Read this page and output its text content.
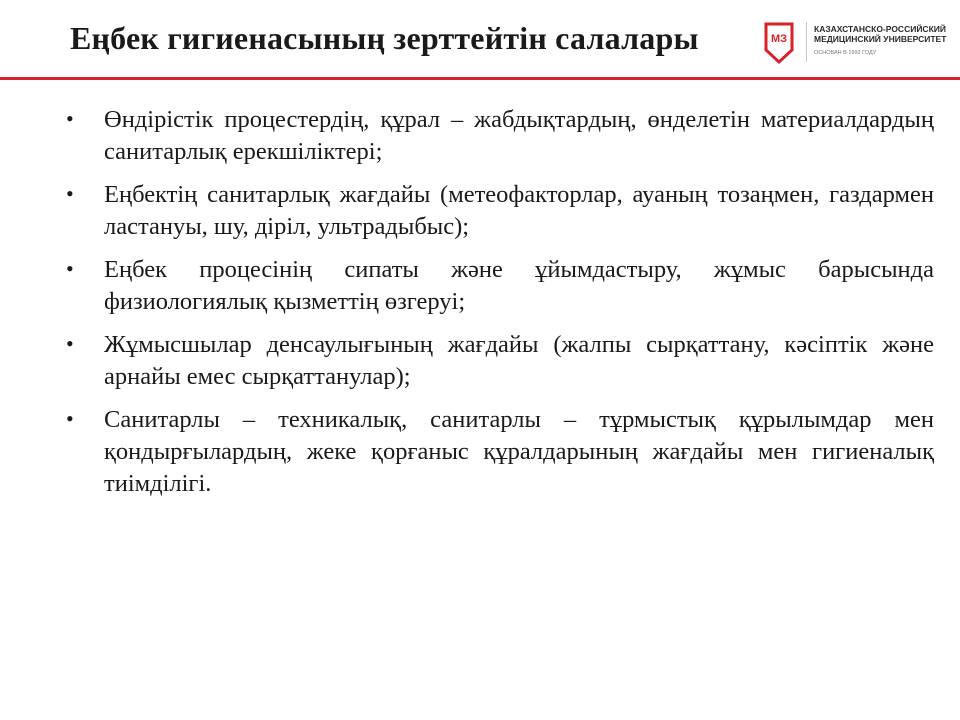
Еңбек гигиенасының зерттейтін салалары	МЗ
КАЗАХСТАНСКО-РОССИЙСКИЙ
МЕДИЦИНСКИЙ УНИВЕРСИТЕТ
ОСНОВАН В 1992 ГОДУ
• Өндірістік процестердің, құрал – жабдықтардың, өнделетін материалдардың санитарлық ерекшіліктері;
• Еңбектің санитарлық жағдайы (метеофакторлар, ауаның тозаңмен, газдармен ластануы, шу, діріл, ультрадыбыс);
• Еңбек процесінің сипаты және ұйымдастыру, жұмыс барысында физиологиялық қызметтің өзгеруі;
• Жұмысшылар денсаулығының жағдайы (жалпы сырқаттану, кәсіптік және арнайы емес сырқаттанулар);
• Санитарлы – техникалық, санитарлы – тұрмыстық құрылымдар мен қондырғылардың, жеке қорғаныс құралдарының жағдайы мен гигиеналық тиімділігі.
